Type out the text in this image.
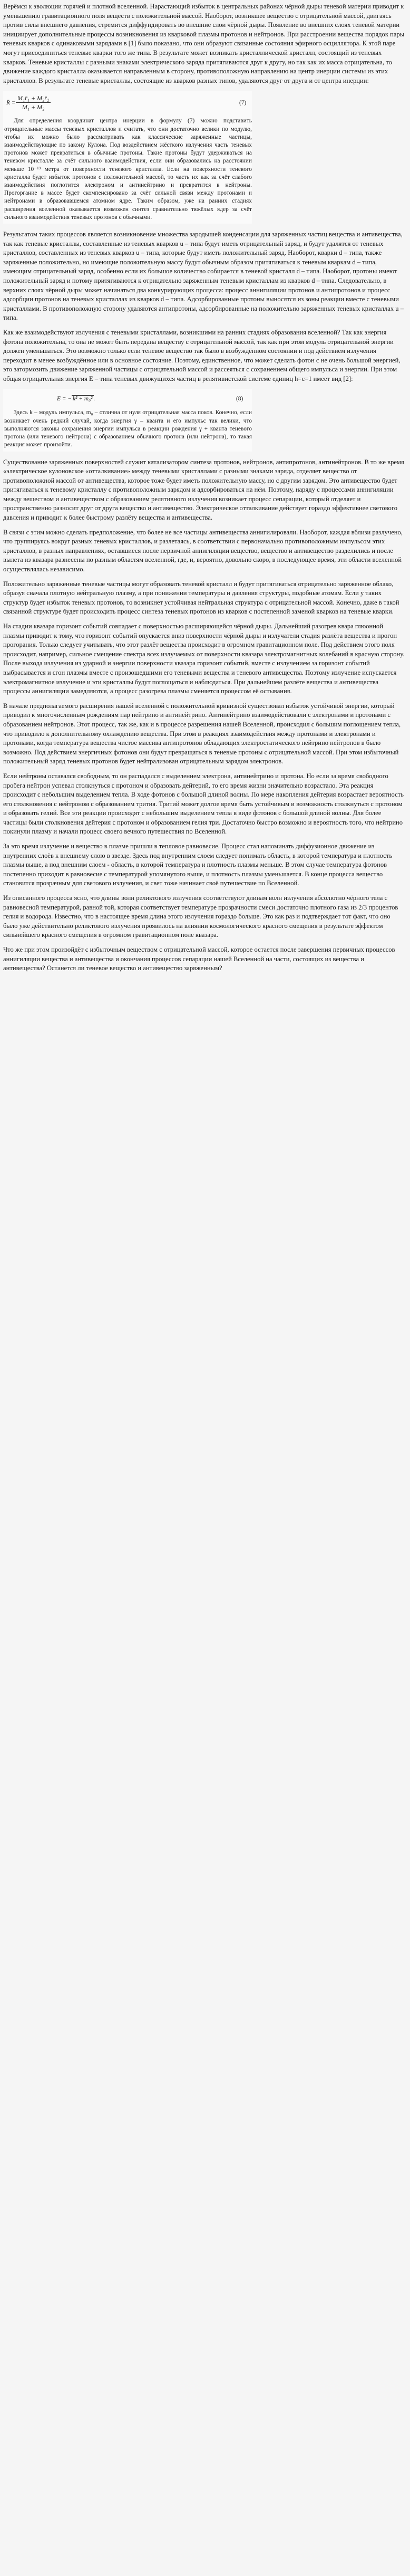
Верёмся к эволюции горячей и плотной вселенной. Нарастающий избыток в центральных районах чёрной дыры теневой материи приводит к уменьшению гравитационного поля веществ с положительной массой. Наоборот, возникшее вещество с отрицательной массой, двигаясь против силы внешнего давления, стремится диффундировать во внешние слои чёрной дыры. Появление во внешних слоях теневой материи инициирует дополнительные процессы возникновения из кварковой плазмы протонов и нейтронов. При расстроении вещества порядок пары теневых кварков с одинаковыми зарядами в [1] было показано, что они образуют связанные состояния эфирного осциллятора. К этой паре могут присоединиться теневые кварки того же типа. В результате может возникать кристаллической кристалл, состоящий из теневых кварков. Теневые кристаллы с разными знаками электрического заряда притягиваются друг к другу, но так как их масса отрицательна, то движение каждого кристалла оказывается направленным в сторону, противоположную направлению на центр инерции системы из этих кристаллов. В результате теневые кристаллы, состоящие из кварков разных типов, удаляются друг от друга и от центра инерции:

R̄ = $\frac{\text{M₁r̄₁ + M₂r̄₂}}{\text{M₁ + M₂}}$	(7)

Для определения координат центра инерции в формулу (7) можно подставить отрицательные массы теневых кристаллов и считать, что они достаточно велики по модулю, чтобы их можно было рассматривать как классические заряженные частицы, взаимодействующие по закону Кулона. Под воздействием жёсткого излучения часть теневых протонов может превратиться в обычные протоны. Такие протоны будут удерживаться на теневом кристалле за счёт сильного взаимодействия, если они образовались на расстоянии меньше 10⁻¹³ метра от поверхности теневого кристалла. Если на поверхности теневого кристалла будет избыток протонов с положительной массой, то часть их как за счёт слабого взаимодействия поглотится электроном и антинейтрино и превратится в нейтроны. Прогоргание в массе будет скомпенсировано за счёт сильной связи между протонами и нейтронами в образовавшемся атомном ядре. Таким образом, уже на ранних стадиях расширения вселенной оказывается возможен синтез сравнительно тяжёлых ядер за счёт сильного взаимодействия теневых протонов с обычными.

Результатом таких процессов является возникновение множества зародышей конденсации для заряженных частиц вещества и антивещества, так как теневые кристаллы, составленные из теневых кварков u – типа будут иметь отрицательный заряд, и будут удалятся от теневых кристаллов, составленных из теневых кварков u – типа, которые будут иметь положительный заряд. Наоборот, кварки d – типа, также заряженные положительно, но имеющие положительную массу будут обычным образом притягиваться к теневым кваркам d – типа, имеющим отрицательный заряд, особенно если их большое количество собирается в теневой кристалл d – типа. Наоборот, протоны имеют положительный заряд и потому притягиваются к отрицательно заряженным теневым кристаллам из кварков d – типа. Следовательно, в верхних слоях чёрной дыры может начинаться два конкурирующих процесса: процесс аннигиляции протонов и антипротонов и процесс адсорбции протонов на теневых кристаллах из кварков d – типа. Адсорбированные протоны выносятся из зоны реакции вместе с теневыми кристаллами. В противоположную сторону удаляются антипротоны, адсорбированные на положительно заряженных теневых кристаллах u – типа.

Как же взаимодействуют излучения с теневыми кристаллами, возникшими на ранних стадиях образования вселенной? Так как энергия фотона положительна, то она не может быть передана веществу с отрицательной массой, так как при этом модуль отрицательной энергии должен уменьшаться. Это возможно только если теневое вещество так было в возбуждённом состоянии и под действием излучения переходит в менее возбуждённое или в основное состояние. Поэтому, единственное, что может сделать фотон с не очень большой энергией, это затормозить движение заряженной частицы с отрицательной массой и рассеяться с сохранением общего импульса и энергии. При этом общая отрицательная энергия Е – типа теневых движущихся частиц в релятивистской системе единиц h=c=1 имеет вид [2]:

E = − k² + m₀² .	(8)

Здесь k – модуль импульса, m₀ – отлична от нуля отрицательная масса покоя. Конечно, если возникает очень редкий случай, когда энергия γ – кванта и его импульс так велики, что выполняются законы сохранения энергии импульса в реакции рождения γ + кванта теневого протона (или теневого нейтрона) с образованием обычного протона (или нейтрона), то такая реакция может произойти.

Существование заряженных поверхностей служит катализатором синтеза протонов, нейтронов, антипротонов, антинейтронов. В то же время «электрическое кулоновское «отталкивание» между теневыми кристаллами с разными знаками заряда, отделяет вещество от противоположной массой от антивещества, которое тоже будет иметь положительную массу, но с другим зарядом. Это антивещество будет притягиваться к теневому кристаллу с противоположным зарядом и адсорбироваться на нём. Поэтому, наряду с процессами аннигиляции между веществом и антивеществом с образованием релятивного излучения возникает процесс сепарации, который отделяет и пространственно разносит друг от друга вещество и антивещество. Электрическое отталкивание действует гораздо эффективнее светового давления и приводит к более быстрому разлёту вещества и антивещества.

В связи с этим можно сделать предположение, что более не все частицы антивещества аннигилировали. Наоборот, каждая вблизи разлучено, что группируясь вокруг разных теневых кристаллов, и разлетаясь, в соответствии с первоначально противоположным импульсом этих кристаллов, в разных направлениях, оставшиеся после первичной аннигиляции вещество, вещество и антивещество разделились и после вылета из квазара разнесены по разным областям вселенной, где, и, вероятно, довольно скоро, в последующее время, эти области вселенной осуществлялась независимо.

Положительно заряженные теневые частицы могут образовать теневой кристалл и будут притягиваться отрицательно заряженное облако, образуя сначала плотную нейтральную плазму, а при понижении температуры и давления структуры, подобные атомам. Если у таких структур будет избыток теневых протонов, то возникнет устойчивая нейтральная структура с отрицательной массой. Конечно, даже в такой связанной структуре будет происходить процесс синтеза теневых протонов из кварков с постепенной заменой кварков на теневые кварки.

На стадии квазара горизонт событий совпадает с поверхностью расширяющейся чёрной дыры. Дальнейший разогрев квара глюонной плазмы приводит к тому, что горизонт событий опускается вниз поверхности чёрной дыры и излучатели стадия разлёта вещества и прогон прогорания. Только следует учитывать, что этот разлёт вещества происходит в огромном гравитационном поле. Под действием этого поля происходит, например, сильное смещение спектра всех излучаемых от поверхности квазара электромагнитных колебаний в красную сторону. После выхода излучения из ударной и энергии поверхности квазара горизонт событий, вместе с излучением за горизонт событий выбрасывается и сгон плазмы вместе с произошедшими его теневыми вещества и теневого антивещества. Поэтому излучение испускается электромагнитное излучение и эти кристаллы будут поглощаться и наблюдаться. При дальнейшем разлёте вещества и антивещества процессы аннигиляции замедляются, а процесс разогрева плазмы сменяется процессом её остывания.

В начале предполагаемого расширения нашей вселенной с положительной кривизной существовал избыток устойчивой энергии, который приводил к многочисленным рождениям пар нейтрино и антинейтрино. Антинейтрино взаимодействовали с электронами и протонами с образованием нейтронов. Этот процесс, так же, как и в процессе разрешения нашей Вселенной, происходил с большим поглощением тепла, что приводило к дополнительному охлаждению вещества. При этом в реакциях взаимодействия между протонами и электронами и протонами, когда температура вещества чистое массива антипротонов обладающих электростатического нейтрино нейтронов в было возможно. Под действием энергичных фотонов они будут превращаться в теневые протоны с отрицательной массой. При этом избыточный положительный заряд теневых протонов будет нейтрализован отрицательным зарядом электронов.

Если нейтроны оставался свободным, то он распадался с выделением электрона, антинейтрино и протона. Но если за время свободного пробега нейтрон успевал столкнуться с протоном и образовать дейтерий, то его время жизни значительно возрастало. Эта реакция происходит с небольшим выделением тепла. В ходе фотонов с большой длиной волны. По мере накопления дейтерия возрастает вероятность его столкновения с нейтроном с образованием трития. Тритий может долгое время быть устойчивым и возможность столкнуться с протоном и образовать гелий. Все эти реакции происходят с небольшим выделением тепла в виде фотонов с большой длиной волны. Для более частицы были столкновения дейтерия с протоном и образованием гелия три. Достаточно быстро возможно и вероятность того, что нейтрино покинули плазму и начали процесс своего вечного путешествия по Вселенной.

За это время излучение и вещество в плазме пришли в тепловое равновесие. Процесс стал напоминать диффузионное движение из внутренних слоёв к внешнему слою в звезде. Здесь под внутренним слоем следует понимать область, в которой температура и плотность плазмы выше, а под внешним слоем - область, в которой температура и плотность плазмы меньше. В этом случае температура фотонов постепенно приходит в равновесие с температурой упомянутого выше, и плотность плазмы уменьшается. В конце процесса вещество становится прозрачным для светового излучения, и свет тоже начинает своё путешествие по Вселенной.

Из описанного процесса ясно, что длины волн реликтового излучения соответствуют длинам волн излучения абсолютно чёрного тела с равновесной температурой, равной той, которая соответствует температуре прозрачности смеси достаточно плотного газа из 2/3 процентов гелия и водорода. Известно, что в настоящее время длина этого излучения гораздо больше. Это как раз и подтверждает тот факт, что оно было уже действительно реликтового излучения проявилось на влиянии космологического красного смещения в результате эффектом сильнейшего красного смещения в огромном гравитационном поле квазара.

Что же при этом произойдёт с избыточным веществом с отрицательной массой, которое остается после завершения первичных процессов аннигиляции вещества и антивещества и окончания процессов сепарации нашей Вселенной на части, состоящих из вещества и антивещества? Останется ли теневое вещество и антивещество заряженным?
